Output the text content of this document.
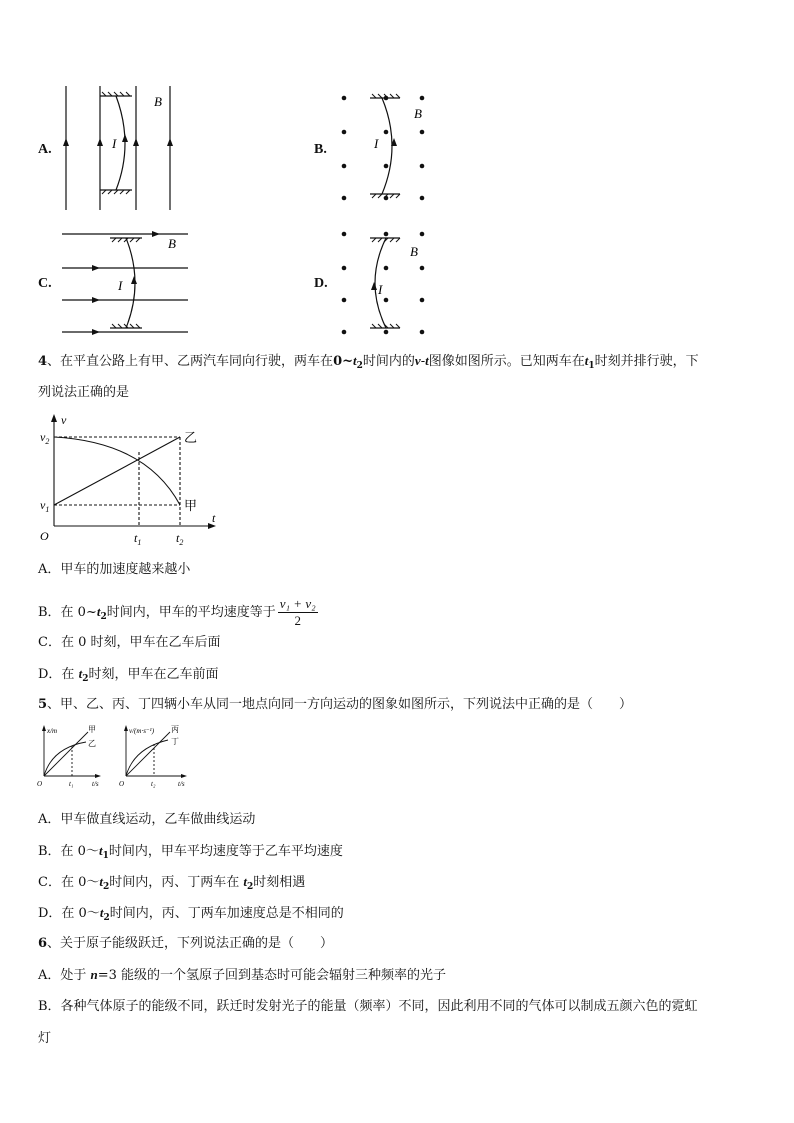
A.
B
I	B.
B
I
C.
B
I	D.
B
I
4、在平直公路上有甲、乙两汽车同向行驶，两车在$0\sim t_2$时间内的v-t图像如图所示。已知两车在$t_1$时刻并排行驶，下
列说法正确的是
v
t
O
$v_2$
$v_1$
$t_1$	$t_2$
乙
甲
A．甲车的加速度越来越小
B．在 $0\sim t_2$时间内，甲车的平均速度等于 $\frac{\text{v₁ + v₂}}{2}$
C．在 0 时刻，甲车在乙车后面
D．在 $t_2$时刻，甲车在乙车前面
5、甲、乙、丙、丁四辆小车从同一地点向同一方向运动的图象如图所示，下列说法中正确的是（　　）
x/m	甲
乙
O	t₁	t/s
v/(m·s⁻¹) 丙
丁
O	t₂	t/s
A．甲车做直线运动，乙车做曲线运动
B．在 $0\sim t_1$时间内，甲车平均速度等于乙车平均速度
C．在 $0\sim t_2$时间内，丙、丁两车在 $t_2$时刻相遇
D．在 $0\sim t_2$时间内，丙、丁两车加速度总是不相同的
6、关于原子能级跃迁，下列说法正确的是（　　）
A．处于 n=3 能级的一个氢原子回到基态时可能会辐射三种频率的光子
B．各种气体原子的能级不同，跃迁时发射光子的能量（频率）不同，因此利用不同的气体可以制成五颜六色的霓虹
灯
